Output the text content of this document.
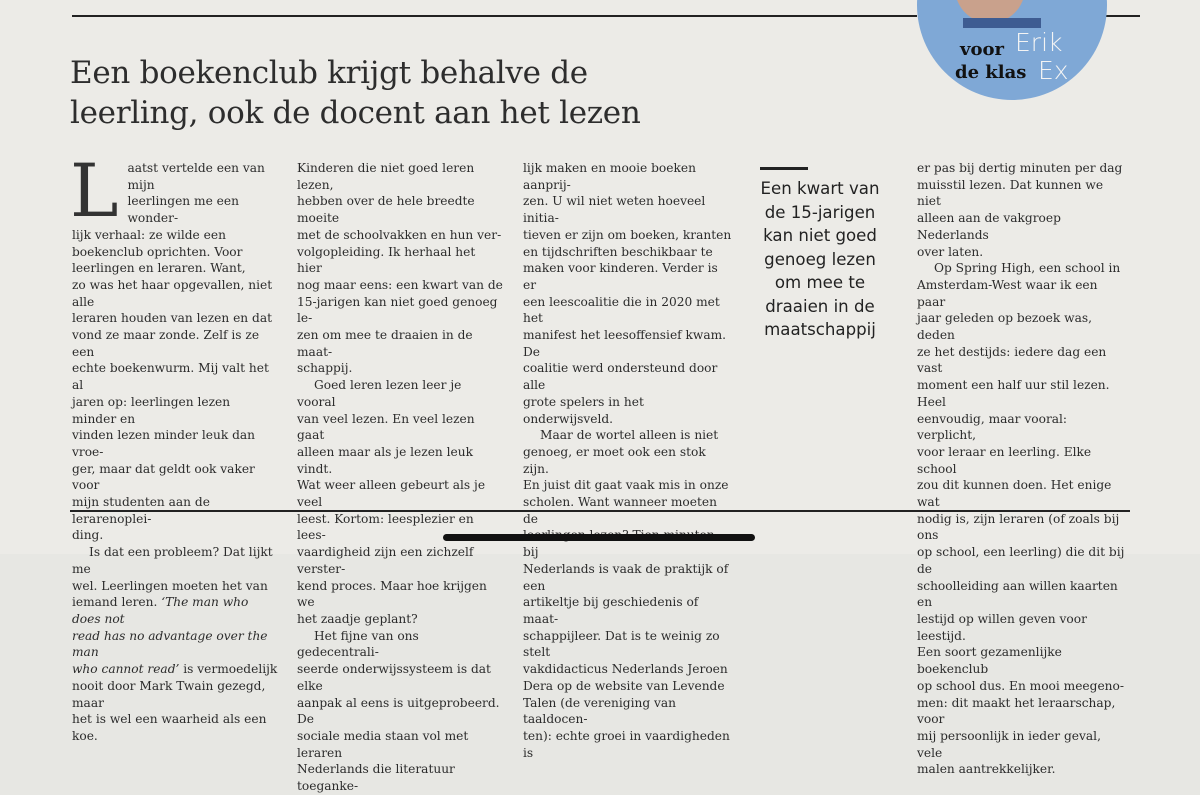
voor
de klas
Erik
Ex
Een boekenclub krijgt behalve de
leerling, ook de docent aan het lezen

L aatst vertelde een van mijn
leerlingen me een wonder-
lijk verhaal: ze wilde een
boekenclub oprichten. Voor
leerlingen en leraren. Want,
zo was het haar opgevallen, niet alle
leraren houden van lezen en dat
vond ze maar zonde. Zelf is ze een
echte boekenwurm. Mij valt het al
jaren op: leerlingen lezen minder en
vinden lezen minder leuk dan vroe-
ger, maar dat geldt ook vaker voor
mijn studenten aan de lerarenoplei-
ding.

Is dat een probleem? Dat lijkt me
wel. Leerlingen moeten het van
iemand leren. ‘The man who does not
read has no advantage over the man
who cannot read’ is vermoedelijk
nooit door Mark Twain gezegd, maar
het is wel een waarheid als een koe.

Kinderen die niet goed leren lezen,
hebben over de hele breedte moeite
met de schoolvakken en hun ver-
volgopleiding. Ik herhaal het hier
nog maar eens: een kwart van de
15-jarigen kan niet goed genoeg le-
zen om mee te draaien in de maat-
schappij.

Goed leren lezen leer je vooral
van veel lezen. En veel lezen gaat
alleen maar als je lezen leuk vindt.
Wat weer alleen gebeurt als je veel
leest. Kortom: leesplezier en lees-
vaardigheid zijn een zichzelf verster-
kend proces. Maar hoe krijgen we
het zaadje geplant?

Het fijne van ons gedecentrali-
seerde onderwijssysteem is dat elke
aanpak al eens is uitgeprobeerd. De
sociale media staan vol met leraren
Nederlands die literatuur toeganke-

lijk maken en mooie boeken aanprij-
zen. U wil niet weten hoeveel initia-
tieven er zijn om boeken, kranten
en tijdschriften beschikbaar te
maken voor kinderen. Verder is er
een leescoalitie die in 2020 met het
manifest het leesoffensief kwam. De
coalitie werd ondersteund door alle
grote spelers in het onderwijsveld.

Maar de wortel alleen is niet
genoeg, er moet ook een stok zijn.
En juist dit gaat vaak mis in onze
scholen. Want wanneer moeten de
bij
Nederlands is vaak de praktijk of een
artikeltje bij geschiedenis of maat-
schappijleer. Dat is te weinig zo stelt
vakdidacticus Nederlands Jeroen
Dera op de website van Levende
Talen (de vereniging van taaldocen-
ten): echte groei in vaardigheden is

Een kwart van
de 15-jarigen
kan niet goed
genoeg lezen
om mee te
draaien in de
maatschappij

er pas bij dertig minuten per dag
muisstil lezen. Dat kunnen we niet
alleen aan de vakgroep Nederlands
over laten.

Op Spring High, een school in
Amsterdam-West waar ik een paar
jaar geleden op bezoek was, deden
ze het destijds: iedere dag een vast
moment een half uur stil lezen. Heel
eenvoudig, maar vooral: verplicht,
voor leraar en leerling. Elke school
zou dit kunnen doen. Het enige wat
nodig is, zijn leraren (of zoals bij ons
op school, een leerling) die dit bij de
schoolleiding aan willen kaarten en
lestijd op willen geven voor leestijd.
Een soort gezamenlijke boekenclub
op school dus. En mooi meegeno-
men: dit maakt het leraarschap, voor
mij persoonlijk in ieder geval, vele
malen aantrekkelijker.
